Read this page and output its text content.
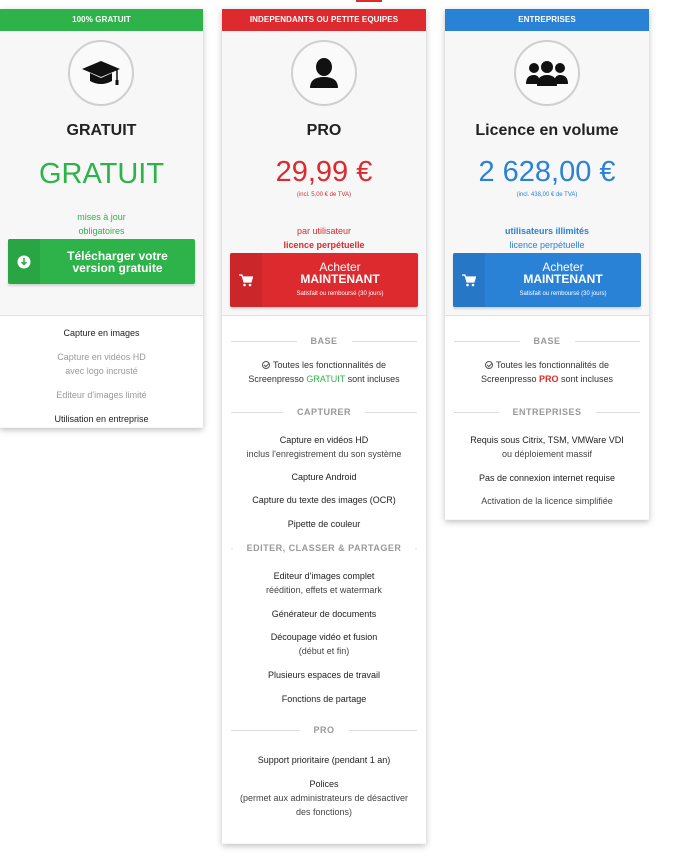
100% GRATUIT
GRATUIT
GRATUIT
mises à jour
obligatoires
Télécharger votre
version gratuite
Capture en images
Capture en vidéos HD
avec logo incrusté
Editeur d'images limité
Utilisation en entreprise
INDEPENDANTS OU PETITE EQUIPES
PRO
29,99 €
(incl. 5,00 € de TVA)
par utilisateur
licence perpétuelle
Acheter
MAINTENANT
Satisfait ou remboursé (30 jours)
BASE
Toutes les fonctionnalités de
Screenpresso GRATUIT sont incluses
CAPTURER
Capture en vidéos HD
inclus l'enregistrement du son système
Capture Android
Capture du texte des images (OCR)
Pipette de couleur
EDITER, CLASSER & PARTAGER
Editeur d'images complet
réédition, effets et watermark
Générateur de documents
Découpage vidéo et fusion
(début et fin)
Plusieurs espaces de travail
Fonctions de partage
PRO
Support prioritaire (pendant 1 an)
Polices
(permet aux administrateurs de désactiver
des fonctions)
ENTREPRISES
Licence en volume
2 628,00 €
(incl. 438,00 € de TVA)
utilisateurs illimités
licence perpétuelle
Acheter
MAINTENANT
Satisfait ou remboursé (30 jours)
BASE
Toutes les fonctionnalités de
Screenpresso PRO sont incluses
ENTREPRISES
Requis sous Citrix, TSM, VMWare VDI
ou déploiement massif
Pas de connexion internet requise
Activation de la licence simplifiée
